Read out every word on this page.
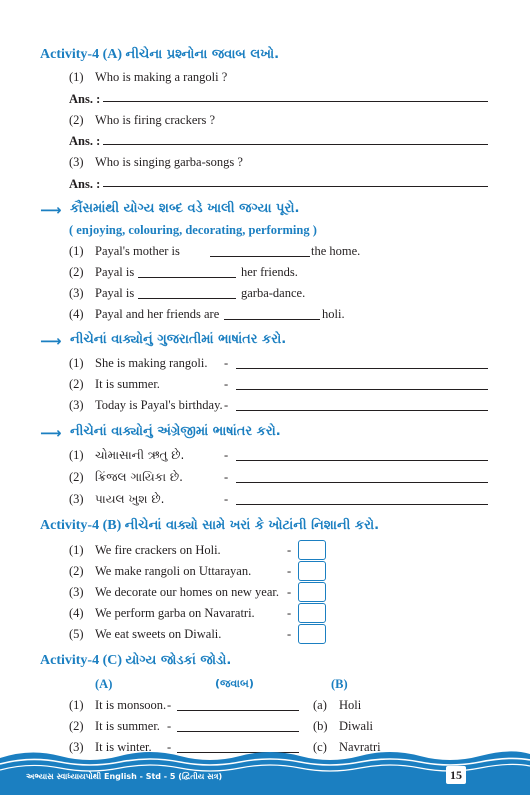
Activity-4 (A) નીચેના પ્રશ્નોના જવાબ લખો.
(1) Who is making a rangoli ?
Ans. :
(2) Who is firing crackers ?
Ans. :
(3) Who is singing garba-songs ?
Ans. :
⟶ કૌંસમાંથી યોગ્ય શબ્દ વડે ખાલી જગ્યા પૂરો.
( enjoying, colouring, decorating, performing )
(1) Payal's mother is	the home.
(2) Payal is	her friends.
(3) Payal is	garba-dance.
(4) Payal and her friends are	holi.
⟶ નીચેનાં વાક્યોનું ગુજરાતીમાં ભાષાંતર કરો.
(1) She is making rangoli. -
(2) It is summer.	-
(3) Today is Payal's birthday. -
⟶ નીચેનાં વાક્યોનું અંગ્રેજીમાં ભાષાંતર કરો.
(1) ચોમાસાની ઋતુ છે.	-
(2) ક્રિંજલ ગાયિકા છે.	-
(3) પાયલ ખુશ છે.	-
Activity-4 (B) નીચેનાં વાક્યો સામે ખરાં કે ખોટાંની નિશાની કરો.
(1) We fire crackers on Holi.	-
(2) We make rangoli on Uttarayan.	-
(3) We decorate our homes on new year. -
(4) We perform garba on Navaratri.	-
(5) We eat sweets on Diwali.	-
Activity-4 (C) યોગ્ય જોડકાં જોડો.
(A)	(જવાબ)	(B)
(1) It is monsoon. -	(a) Holi
(2) It is summer. -	(b) Diwali
(3) It is winter. -	(c) Navratri
અભ્યાસ સ્વાધ્યાયપોથી English - Std - 5 (દ્વિતીય સત્ર)	15
